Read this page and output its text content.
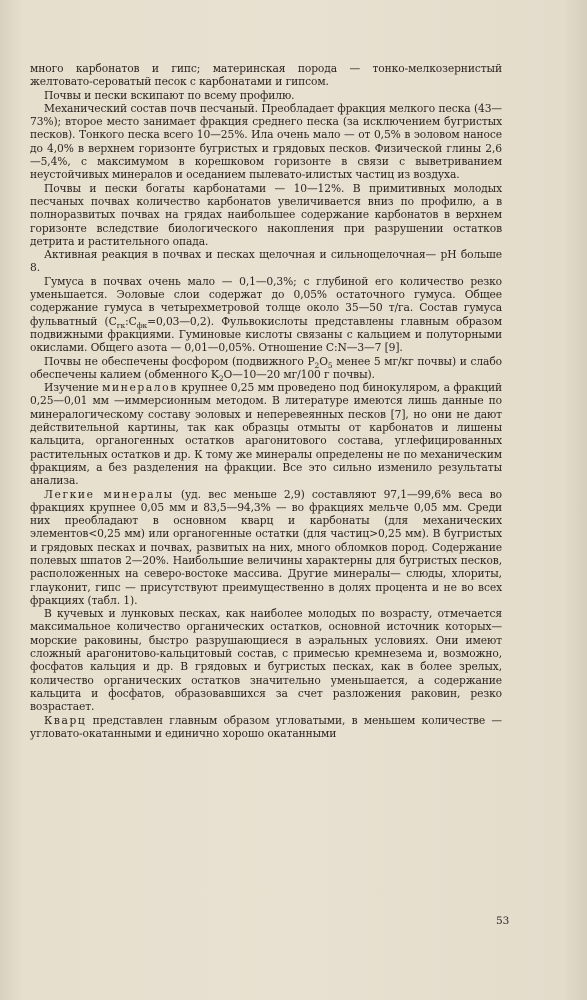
много карбонатов и гипс; материнская порода — тонко-мелкозернистый желтовато-сероватый песок с карбонатами и гипсом.

Почвы и пески вскипают по всему профилю.

Механический состав почв песчаный. Преобладает фракция мелкого песка (43—73%); второе место занимает фракция среднего песка (за исключением бугристых песков). Тонкого песка всего 10—25%. Ила очень мало — от 0,5% в эоловом наносе до 4,0% в верхнем горизонте бугристых и грядовых песков. Физической глины 2,6—5,4%, с максимумом в корешковом горизонте в связи с выветриванием неустойчивых минералов и оседанием пылевато-илистых частиц из воздуха.

Почвы и пески богаты карбонатами — 10—12%. В примитивных молодых песчаных почвах количество карбонатов увеличивается вниз по профилю, а в полноразвитых почвах на грядах наибольшее содержание карбонатов в верхнем горизонте вследствие биологического накопления при разрушении остатков детрита и растительного опада.

Активная реакция в почвах и песках щелочная и сильнощелочная— pH больше 8.

Гумуса в почвах очень мало — 0,1—0,3%; с глубиной его количество резко уменьшается. Эоловые слои содержат до 0,05% остаточного гумуса. Общее содержание гумуса в четырехметровой толще около 35—50 т/га. Состав гумуса фульватный $(С_{гк}:С_{фк}=0,03—0,2)$. Фульвокислоты представлены главным образом подвижными фракциями. Гуминовые кислоты связаны с кальцием и полуторными окислами. Общего азота — 0,01—0,05%. Отношение С:N—3—7 [9].

Почвы не обеспечены фосфором (подвижного $P_2O_5$ менее 5 мг/кг почвы) и слабо обеспечены калием (обменного $K_2O—10—20$ мг/100 г почвы).

Изучение минералов крупнее 0,25 мм проведено под бинокуляром, а фракций 0,25—0,01 мм —иммерсионным методом. В литературе имеются лишь данные по минералогическому составу эоловых и неперевеянных песков [7], но они не дают действительной картины, так как образцы отмыты от карбонатов и лишены кальцита, органогенных остатков арагонитового состава, углефицированных растительных остатков и др. К тому же минералы определены не по механическим фракциям, а без разделения на фракции. Все это сильно изменило результаты анализа.

Легкие минералы (уд. вес меньше 2,9) составляют 97,1—99,6% веса во фракциях крупнее 0,05 мм и 83,5—94,3% — во фракциях мельче 0,05 мм. Среди них преобладают в основном кварц и карбонаты (для механических элементов<0,25 мм) или органогенные остатки (для частиц>0,25 мм). В бугристых и грядовых песках и почвах, развитых на них, много обломков пород. Содержание полевых шпатов 2—20%. Наибольшие величины характерны для бугристых песков, расположенных на северо-востоке массива. Другие минералы— слюды, хлориты, глауконит, гипс — присутствуют преимущественно в долях процента и не во всех фракциях (табл. 1).

В кучевых и лунковых песках, как наиболее молодых по возрасту, отмечается максимальное количество органических остатков, основной источник которых—морские раковины, быстро разрушающиеся в аэральных условиях. Они имеют сложный арагонитово-кальцитовый состав, с примесью кремнезема и, возможно, фосфатов кальция и др. В грядовых и бугристых песках, как в более зрелых, количество органических остатков значительно уменьшается, а содержание кальцита и фосфатов, образовавшихся за счет разложения раковин, резко возрастает.

Кварц представлен главным образом угловатыми, в меньшем количестве — угловато-окатанными и единично хорошо окатанными

53
